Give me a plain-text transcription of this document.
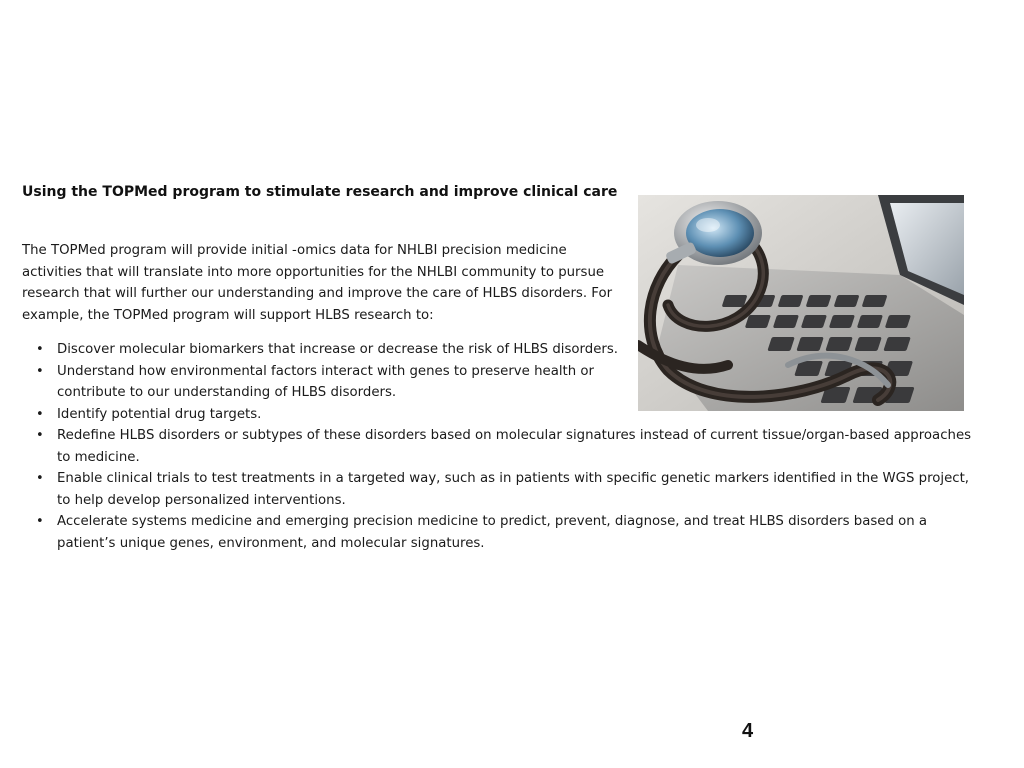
Using the TOPMed program to stimulate research and improve clinical care

The TOPMed program will provide initial -omics data for NHLBI precision medicine activities that will translate into more opportunities for the NHLBI community to pursue research that will further our understanding and improve the care of HLBS disorders. For example, the TOPMed program will support HLBS research to:

• Discover molecular biomarkers that increase or decrease the risk of HLBS disorders.
• Understand how environmental factors interact with genes to preserve health or contribute to our understanding of HLBS disorders.
• Identify potential drug targets.
• Redefine HLBS disorders or subtypes of these disorders based on molecular signatures instead of current tissue/organ-based approaches to medicine.
• Enable clinical trials to test treatments in a targeted way, such as in patients with specific genetic markers identified in the WGS project, to help develop personalized interventions.
• Accelerate systems medicine and emerging precision medicine to predict, prevent, diagnose, and treat HLBS disorders based on a patient’s unique genes, environment, and molecular signatures.
4
